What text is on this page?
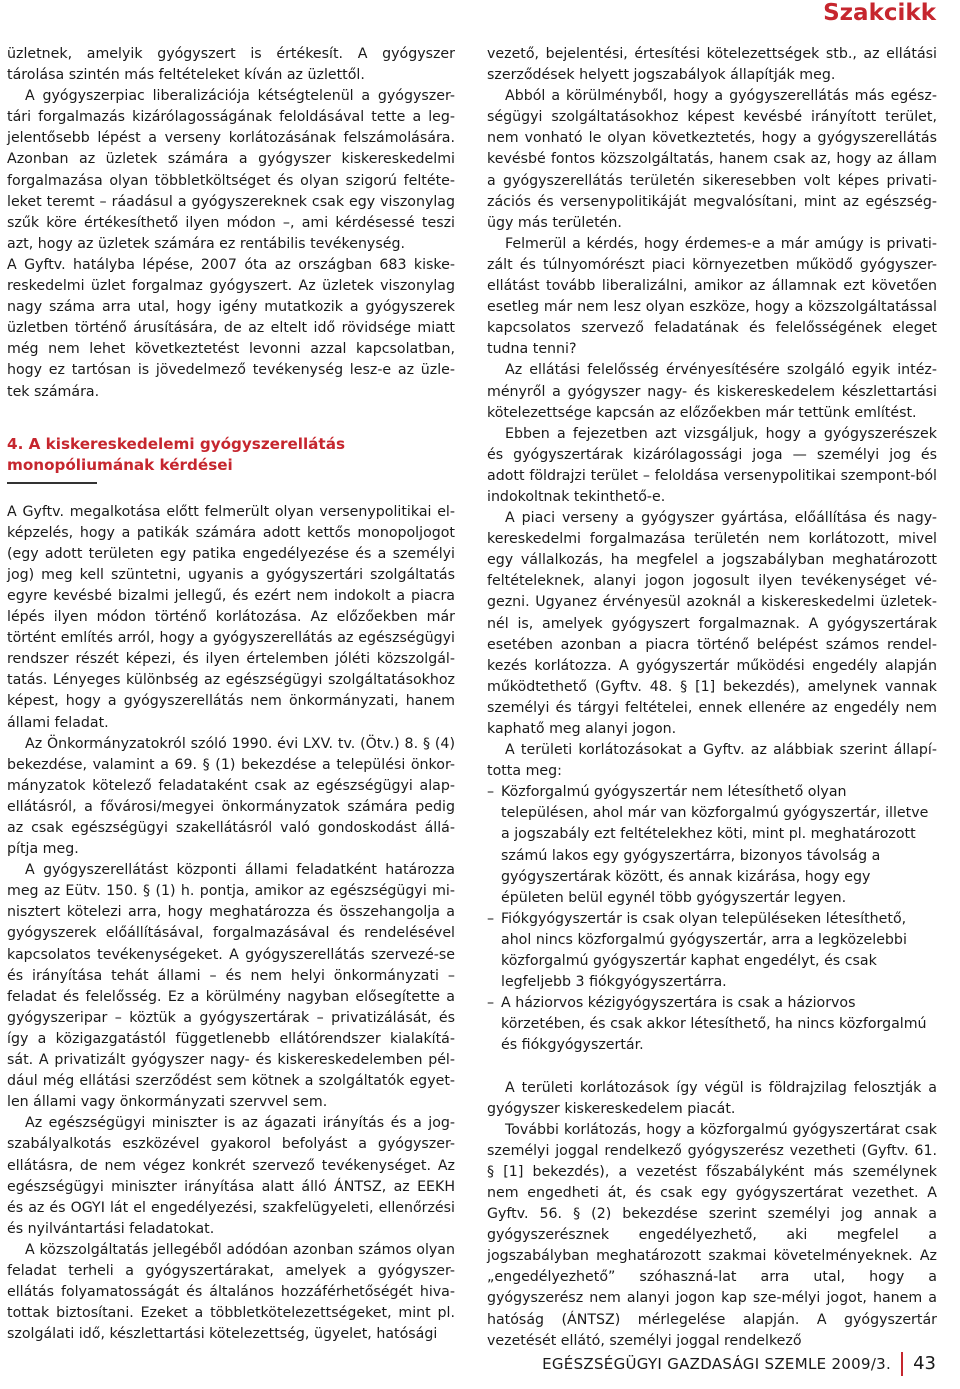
Szakcikk

üzletnek, amelyik gyógyszert is értékesít. A gyógyszer tárolása szintén más feltételeket kíván az üzlettől.

A gyógyszerpiac liberalizációja kétségtelenül a gyógyszer-tári forgalmazás kizárólagosságának feloldásával tette a leg-jelentősebb lépést a verseny korlátozásának felszámolására. Azonban az üzletek számára a gyógyszer kiskereskedelmi forgalmazása olyan többletköltséget és olyan szigorú feltéte-leket teremt – ráadásul a gyógyszereknek csak egy viszonylag szűk köre értékesíthető ilyen módon –, ami kérdésessé teszi azt, hogy az üzletek számára ez rentábilis tevékenység.

A Gyftv. hatályba lépése, 2007 óta az országban 683 kiske-reskedelmi üzlet forgalmaz gyógyszert. Az üzletek viszonylag nagy száma arra utal, hogy igény mutatkozik a gyógyszerek üzletben történő árusítására, de az eltelt idő rövidsége miatt még nem lehet következtetést levonni azzal kapcsolatban, hogy ez tartósan is jövedelmező tevékenység lesz-e az üzle-tek számára.

4. A kiskereskedelemi gyógyszerellátás monopóliumának kérdései

A Gyftv. megalkotása előtt felmerült olyan versenypolitikai el-képzelés, hogy a patikák számára adott kettős monopoljogot (egy adott területen egy patika engedélyezése és a személyi jog) meg kell szüntetni, ugyanis a gyógyszertári szolgáltatás egyre kevésbé bizalmi jellegű, és ezért nem indokolt a piacra lépés ilyen módon történő korlátozása. Az előzőekben már történt említés arról, hogy a gyógyszerellátás az egészségügyi rendszer részét képezi, és ilyen értelemben jóléti közszolgál-tatás. Lényeges különbség az egészségügyi szolgáltatásokhoz képest, hogy a gyógyszerellátás nem önkormányzati, hanem állami feladat.

Az Önkormányzatokról szóló 1990. évi LXV. tv. (Ötv.) 8. § (4) bekezdése, valamint a 69. § (1) bekezdése a települési önkor-mányzatok kötelező feladataként csak az egészségügyi alap-ellátásról, a fővárosi/megyei önkormányzatok számára pedig az csak egészségügyi szakellátásról való gondoskodást állá-pítja meg.

A gyógyszerellátást központi állami feladatként határozza meg az Eütv. 150. § (1) h. pontja, amikor az egészségügyi mi-nisztert kötelezi arra, hogy meghatározza és összehangolja a gyógyszerek előállításával, forgalmazásával és rendelésével kapcsolatos tevékenységeket. A gyógyszerellátás szervezé-se és irányítása tehát állami – és nem helyi önkormányzati – feladat és felelősség. Ez a körülmény nagyban elősegítette a gyógyszeripar – köztük a gyógyszertárak – privatizálását, és így a közigazgatástól függetlenebb ellátórendszer kialakítá-sát. A privatizált gyógyszer nagy- és kiskereskedelemben pél-dául még ellátási szerződést sem kötnek a szolgáltatók egyet-len állami vagy önkormányzati szervvel sem.

Az egészségügyi miniszter is az ágazati irányítás és a jog-szabályalkotás eszközével gyakorol befolyást a gyógyszer-ellátásra, de nem végez konkrét szervező tevékenységet. Az egészségügyi miniszter irányítása alatt álló ÁNTSZ, az EEKH és az és OGYI lát el engedélyezési, szakfelügyeleti, ellenőrzési és nyilvántartási feladatokat.

A közszolgáltatás jellegéből adódóan azonban számos olyan feladat terheli a gyógyszertárakat, amelyek a gyógyszer-ellátás folyamatosságát és általános hozzáférhetőségét hiva-tottak biztosítani. Ezeket a többletkötelezettségeket, mint pl. szolgálati idő, készlettartási kötelezettség, ügyelet, hatósági

vezető, bejelentési, értesítési kötelezettségek stb., az ellátási szerződések helyett jogszabályok állapítják meg.

Abból a körülményből, hogy a gyógyszerellátás más egész-ségügyi szolgáltatásokhoz képest kevésbé irányított terület, nem vonható le olyan következtetés, hogy a gyógyszerellátás kevésbé fontos közszolgáltatás, hanem csak az, hogy az állam a gyógyszerellátás területén sikeresebben volt képes privati-zációs és versenypolitikáját megvalósítani, mint az egészség-ügy más területén.

Felmerül a kérdés, hogy érdemes-e a már amúgy is privati-zált és túlnyomórészt piaci környezetben működő gyógyszer-ellátást tovább liberalizálni, amikor az államnak ezt követően esetleg már nem lesz olyan eszköze, hogy a közszolgáltatással kapcsolatos szervező feladatának és felelősségének eleget tudna tenni?

Az ellátási felelősség érvényesítésére szolgáló egyik intéz-ményről a gyógyszer nagy- és kiskereskedelem készlettartási kötelezettsége kapcsán az előzőekben már tettünk említést.

Ebben a fejezetben azt vizsgáljuk, hogy a gyógyszerészek és gyógyszertárak kizárólagossági joga — személyi jog és adott földrajzi terület – feloldása versenypolitikai szempont-ból indokoltnak tekinthető-e.

A piaci verseny a gyógyszer gyártása, előállítása és nagy-kereskedelmi forgalmazása területén nem korlátozott, mivel egy vállalkozás, ha megfelel a jogszabályban meghatározott feltételeknek, alanyi jogon jogosult ilyen tevékenységet vé-gezni. Ugyanez érvényesül azoknál a kiskereskedelmi üzletek-nél is, amelyek gyógyszert forgalmaznak. A gyógyszertárak esetében azonban a piacra történő belépést számos rendel-kezés korlátozza. A gyógyszertár működési engedély alapján működtethető (Gyftv. 48. § [1] bekezdés), amelynek vannak személyi és tárgyi feltételei, ennek ellenére az engedély nem kaphatő meg alanyi jogon.

A területi korlátozásokat a Gyftv. az alábbiak szerint állapí-totta meg:

– Közforgalmú gyógyszertár nem létesíthető olyan településen, ahol már van közforgalmú gyógyszertár, illetve a jogszabály ezt feltételekhez köti, mint pl. meghatározott számú lakos egy gyógyszertárra, bizonyos távolság a gyógyszertárak között, és annak kizárása, hogy egy épületen belül egynél több gyógyszertár legyen.
– Fiókgyógyszertár is csak olyan településeken létesíthető, ahol nincs közforgalmú gyógyszertár, arra a legközelebbi közforgalmú gyógyszertár kaphat engedélyt, és csak legfeljebb 3 fiókgyógyszertárra.
– A háziorvos kézigyógyszertára is csak a háziorvos körzetében, és csak akkor létesíthető, ha nincs közforgalmú és fiókgyógyszertár.

A területi korlátozások így végül is földrajzilag felosztják a gyógyszer kiskereskedelem piacát.

További korlátozás, hogy a közforgalmú gyógyszertárat csak személyi joggal rendelkező gyógyszerész vezetheti (Gyftv. 61. § [1] bekezdés), a vezetést főszabályként más személynek nem engedheti át, és csak egy gyógyszertárat vezethet. A Gyftv. 56. § (2) bekezdése szerint személyi jog annak a gyógyszerésznek engedélyezhető, aki megfelel a jogszabályban meghatározott szakmai követelményeknek. Az „engedélyezhető” szóhaszná-lat arra utal, hogy a gyógyszerész nem alanyi jogon kap sze-mélyi jogot, hanem a hatóság (ÁNTSZ) mérlegelése alapján. A gyógyszertár vezetését ellátó, személyi joggal rendelkező

EGÉSZSÉGÜGYI GAZDASÁGI SZEMLE 2009/3. 43
